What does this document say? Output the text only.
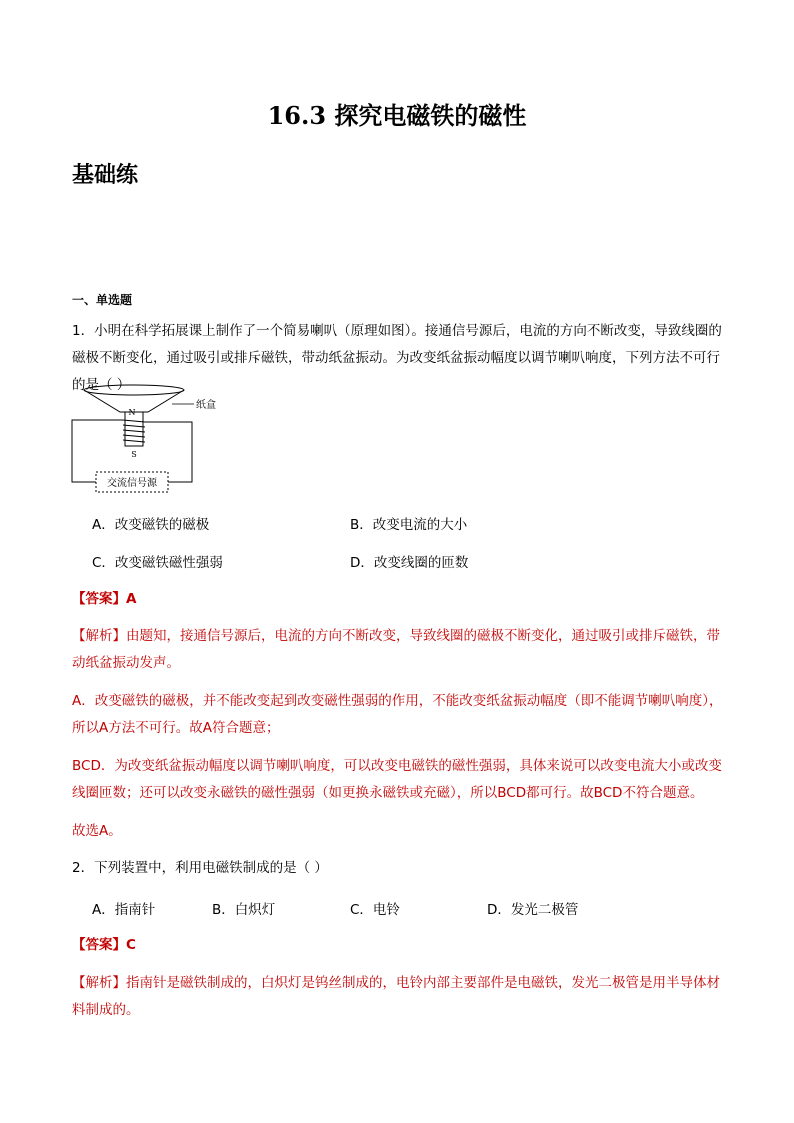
16.3 探究电磁铁的磁性
基础练
一、单选题
1．小明在科学拓展课上制作了一个简易喇叭（原理如图）。接通信号源后，电流的方向不断改变，导致线圈的磁极不断变化，通过吸引或排斥磁铁，带动纸盆振动。为改变纸盆振动幅度以调节喇叭响度，下列方法不可行的是（ ）
N
S
纸盒
交流信号源
A．改变磁铁的磁极	B．改变电流的大小
C．改变磁铁磁性强弱	D．改变线圈的匝数
【答案】A
【解析】由题知，接通信号源后，电流的方向不断改变，导致线圈的磁极不断变化，通过吸引或排斥磁铁，带动纸盆振动发声。
A．改变磁铁的磁极，并不能改变起到改变磁性强弱的作用，不能改变纸盆振动幅度（即不能调节喇叭响度），所以A方法不可行。故A符合题意；
BCD．为改变纸盆振动幅度以调节喇叭响度，可以改变电磁铁的磁性强弱，具体来说可以改变电流大小或改变线圈匝数；还可以改变永磁铁的磁性强弱（如更换永磁铁或充磁），所以BCD都可行。故BCD不符合题意。
故选A。
2．下列装置中，利用电磁铁制成的是（ ）
A．指南针	B．白炽灯	C．电铃	D．发光二极管
【答案】C
【解析】指南针是磁铁制成的，白炽灯是钨丝制成的，电铃内部主要部件是电磁铁，发光二极管是用半导体材料制成的。
